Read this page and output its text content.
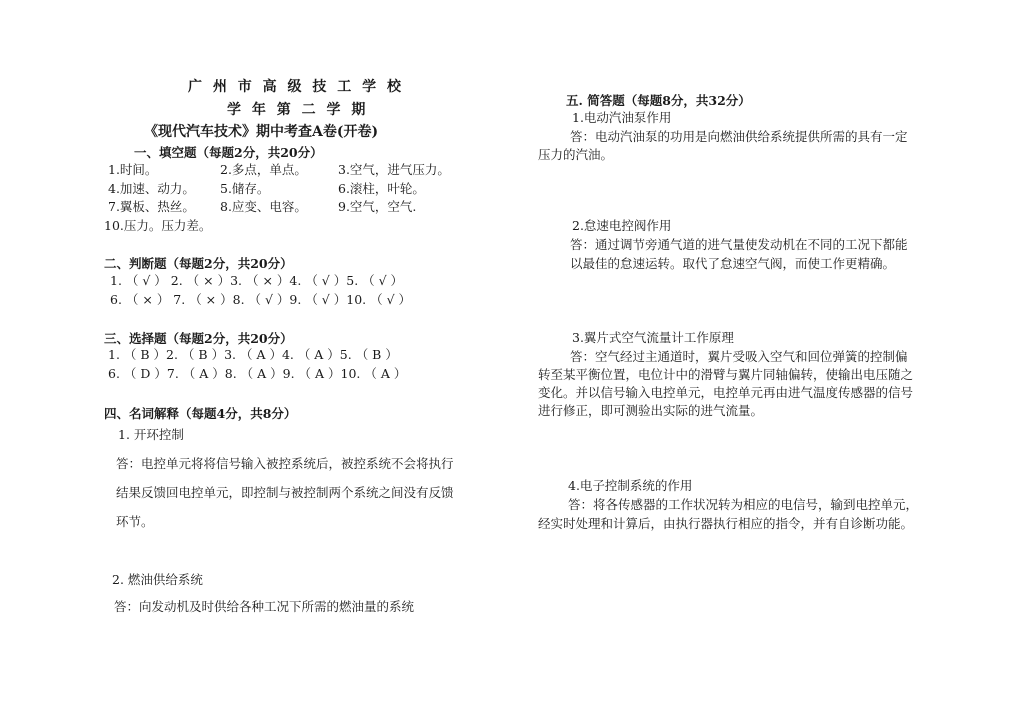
广 州 市 高 级 技 工 学 校
学 年 第 二 学 期
《现代汽车技术》期中考查A卷(开卷)
一、填空题（每题2分，共20分）
1.时间。	2.多点，单点。 3.空气，进气压力。
4.加速、动力。 5.储存。	6.滚柱，叶轮。
7.翼板、热丝。 8.应变、电容。 9.空气，空气.
10.压力。压力差。
二、判断题（每题2分，共20分）
1. （ √ ） 2. （ × ）3. （ × ）4. （ √ ）5. （ √ ）
6. （ × ） 7. （ × ）8. （ √ ）9. （ √ ）10. （ √ ）
三、选择题（每题2分，共20分）
1. （ B ）2. （ B ）3. （ A ）4. （ A ）5. （ B ）
6. （ D ）7. （ A ）8. （ A ）9. （ A ）10. （ A ）
四、名词解释（每题4分，共8分）
1. 开环控制
答：电控单元将将信号输入被控系统后，被控系统不会将执行
结果反馈回电控单元，即控制与被控制两个系统之间没有反馈
环节。
2. 燃油供给系统
答：向发动机及时供给各种工况下所需的燃油量的系统
五. 简答题（每题8分，共32分）
1.电动汽油泵作用
答：电动汽油泵的功用是向燃油供给系统提供所需的具有一定
压力的汽油。
2.怠速电控阀作用
答：通过调节旁通气道的进气量使发动机在不同的工况下都能
以最佳的怠速运转。取代了怠速空气阀，而使工作更精确。
3.翼片式空气流量计工作原理
答：空气经过主通道时，翼片受吸入空气和回位弹簧的控制偏
转至某平衡位置，电位计中的滑臂与翼片同轴偏转，使输出电压随之
变化。并以信号输入电控单元，电控单元再由进气温度传感器的信号
进行修正，即可测验出实际的进气流量。
4.电子控制系统的作用
答：将各传感器的工作状况转为相应的电信号，输到电控单元，
经实时处理和计算后，由执行器执行相应的指令，并有自诊断功能。
